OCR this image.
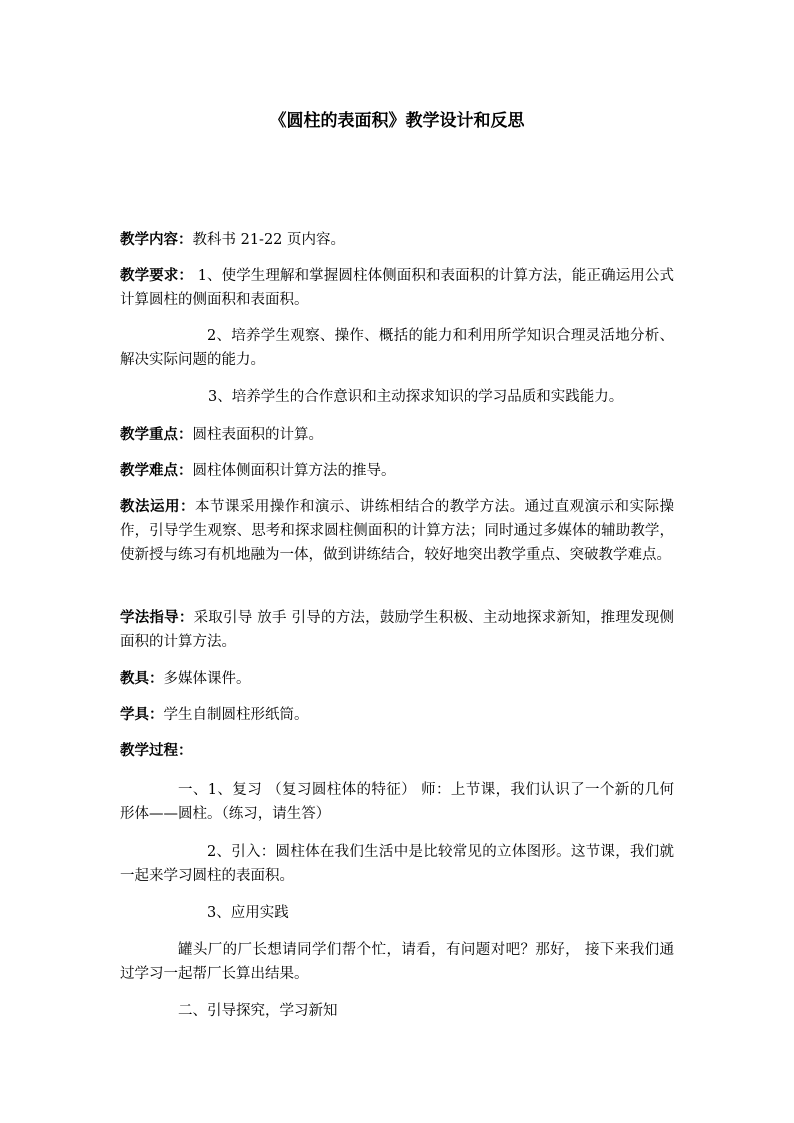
《圆柱的表面积》教学设计和反思

教学内容：教科书 21-22 页内容。

教学要求： 1、使学生理解和掌握圆柱体侧面积和表面积的计算方法，能正确运用公式计算圆柱的侧面积和表面积。

2、培养学生观察、操作、概括的能力和利用所学知识合理灵活地分析、解决实际问题的能力。

3、培养学生的合作意识和主动探求知识的学习品质和实践能力。

教学重点：圆柱表面积的计算。

教学难点：圆柱体侧面积计算方法的推导。

教法运用：本节课采用操作和演示、讲练相结合的教学方法。通过直观演示和实际操作，引导学生观察、思考和探求圆柱侧面积的计算方法；同时通过多媒体的辅助教学，使新授与练习有机地融为一体，做到讲练结合，较好地突出教学重点、突破教学难点。

学法指导：采取引导 放手 引导的方法，鼓励学生积极、主动地探求新知，推理发现侧面积的计算方法。

教具：多媒体课件。

学具：学生自制圆柱形纸筒。

教学过程：

一、1、复习 （复习圆柱体的特征） 师：上节课，我们认识了一个新的几何形体——圆柱。（练习，请生答）

2、引入：圆柱体在我们生活中是比较常见的立体图形。这节课，我们就一起来学习圆柱的表面积。

3、应用实践

罐头厂的厂长想请同学们帮个忙，请看，有问题对吧？那好， 接下来我们通过学习一起帮厂长算出结果。

二、引导探究，学习新知
